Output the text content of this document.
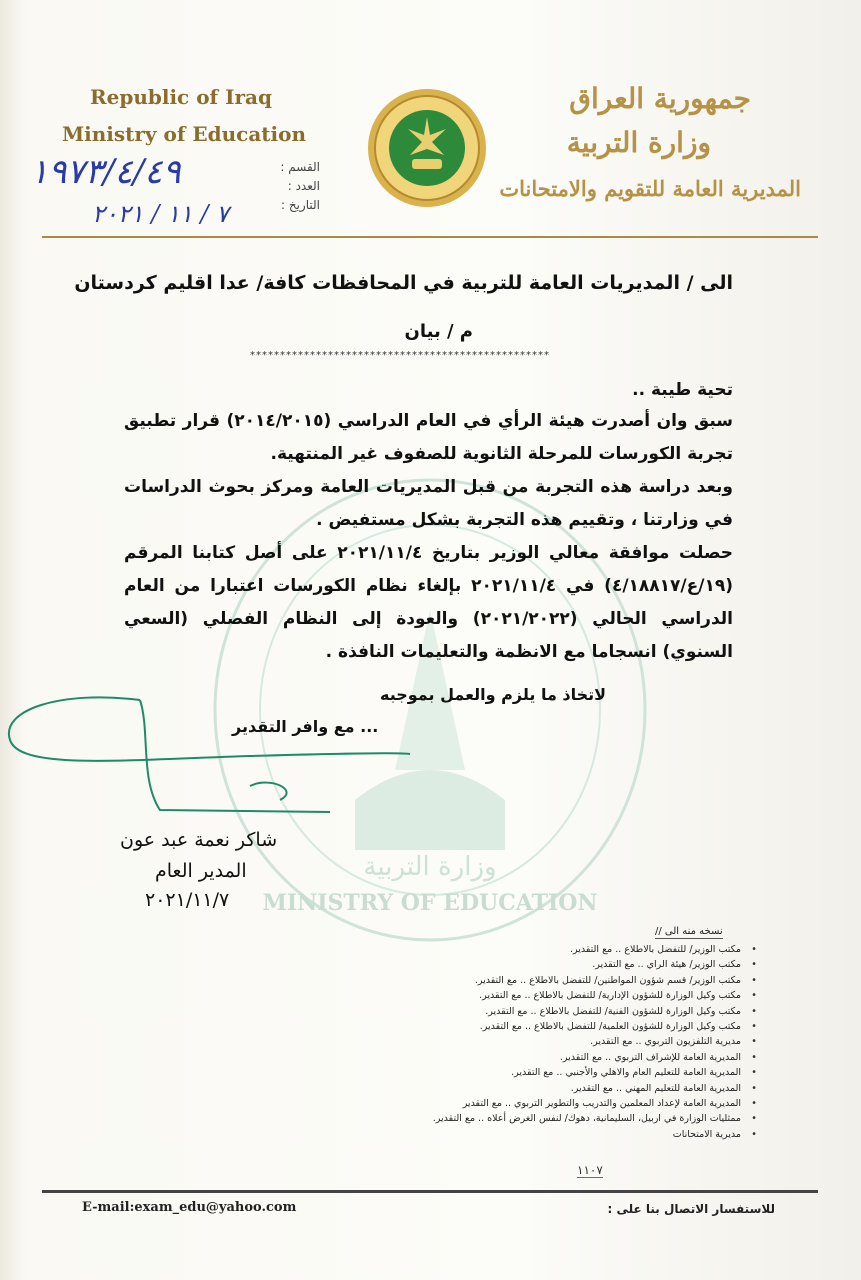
MINISTRY OF EDUCATION
وزارة التربية
Republic of Iraq
Ministry of Education
القسم :
العدد :
التاريخ :
١٩٧٣/٤/٤٩
٧ / ١١ / ٢٠٢١
جمهورية العراق
وزارة التربية
المديرية العامة للتقويم والامتحانات
الى / المديريات العامة للتربية في المحافظات كافة/ عدا اقليم كردستان
م / بيان
**************************************************
تحية طيبة ..
سبق وان أصدرت هيئة الرأي في العام الدراسي (٢٠١٤/٢٠١٥) قرار تطبيق تجربة الكورسات للمرحلة الثانوية للصفوف غير المنتهية.
وبعد دراسة هذه التجربة من قبل المديريات العامة ومركز بحوث الدراسات في وزارتنا ، وتقييم هذه التجربة بشكل مستفيض .
حصلت موافقة معالي الوزير بتاريخ ٢٠٢١/١١/٤ على أصل كتابنا المرقم (١٩/ع/٤/١٨٨١٧) في ٢٠٢١/١١/٤ بإلغاء نظام الكورسات اعتبارا من العام الدراسي الحالي (٢٠٢١/٢٠٢٢) والعودة إلى النظام الفصلي (السعي السنوي) انسجاما مع الانظمة والتعليمات النافذة .
لاتخاذ ما يلزم والعمل بموجبه
... مع وافر التقدير
شاكر نعمة عبد عون
المدير العام
٢٠٢١/١١/٧
نسخه منه الى //
• مكتب الوزير/ للتفضل بالاطلاع .. مع التقدير.
• مكتب الوزير/ هيئة الراي .. مع التقدير.
• مكتب الوزير/ قسم شؤون المواطنين/ للتفضل بالاطلاع .. مع التقدير.
• مكتب وكيل الوزارة للشؤون الإدارية/ للتفضل بالاطلاع .. مع التقدير.
• مكتب وكيل الوزارة للشؤون الفنية/ للتفضل بالاطلاع .. مع التقدير.
• مكتب وكيل الوزارة للشؤون العلمية/ للتفضل بالاطلاع .. مع التقدير.
• مديرية التلفزيون التربوي .. مع التقدير.
• المديرية العامة للإشراف التربوي .. مع التقدير.
• المديرية العامة للتعليم العام والاهلي والأجنبي .. مع التقدير.
• المديرية العامة للتعليم المهني .. مع التقدير.
• المديرية العامة لإعداد المعلمين والتدريب والتطوير التربوي .. مع التقدير
• ممثليات الوزارة في اربيل، السليمانية، دهوك/ لنفس الغرض أعلاه .. مع التقدير.
• مديرية الامتحانات
١١٠٧
E-mail:exam_edu@yahoo.com	للاستفسار الاتصال بنا على :
